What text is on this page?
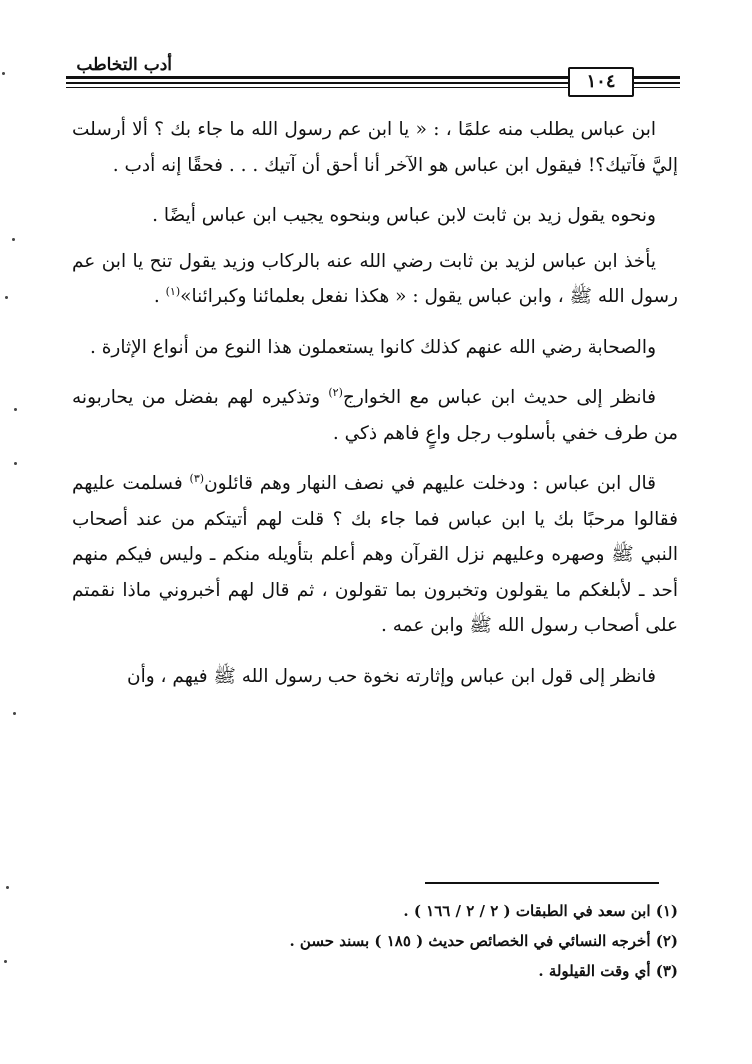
أدب التخاطب
١٠٤

ابن عباس يطلب منه علمًا ، : « يا ابن عم رسول الله ما جاء بك ؟ ألا أرسلت إليَّ فآتيك؟! فيقول ابن عباس هو الآخر أنا أحق أن آتيك . . . فحقًا إنه أدب .

ونحوه يقول زيد بن ثابت لابن عباس وبنحوه يجيب ابن عباس أيضًا .

يأخذ ابن عباس لزيد بن ثابت رضي الله عنه بالركاب وزيد يقول تنح يا ابن عم رسول الله ﷺ ، وابن عباس يقول : « هكذا نفعل بعلمائنا وكبرائنا»$^{(١)}$ .

والصحابة رضي الله عنهم كذلك كانوا يستعملون هذا النوع من أنواع الإثارة .

فانظر إلى حديث ابن عباس مع الخوارج$^{(٢)}$ وتذكيره لهم بفضل من يحاربونه من طرف خفي بأسلوب رجل واعٍ فاهم ذكي .

قال ابن عباس : ودخلت عليهم في نصف النهار وهم قائلون$^{(٣)}$ فسلمت عليهم فقالوا مرحبًا بك يا ابن عباس فما جاء بك ؟ قلت لهم أتيتكم من عند أصحاب النبي ﷺ وصهره وعليهم نزل القرآن وهم أعلم بتأويله منكم ـ وليس فيكم منهم أحد ـ لأبلغكم ما يقولون وتخبرون بما تقولون ، ثم قال لهم أخبروني ماذا نقمتم على أصحاب رسول الله ﷺ وابن عمه .

فانظر إلى قول ابن عباس وإثارته نخوة حب رسول الله ﷺ فيهم ، وأن

(١) ابن سعد في الطبقات ( ٢ / ٢ / ١٦٦ ) .
(٢) أخرجه النسائي في الخصائص حديث ( ١٨٥ ) بسند حسن .
(٣) أي وقت القيلولة .
